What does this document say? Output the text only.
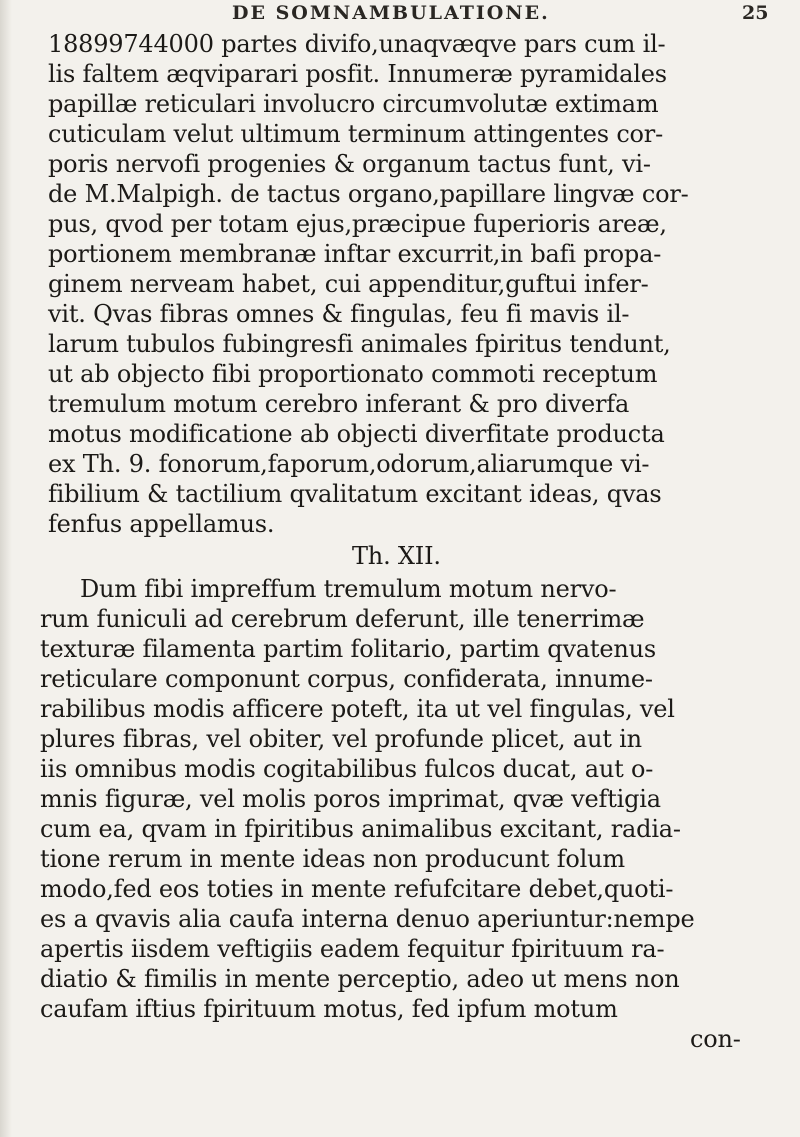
DE SOMNAMBULATIONE.	25
18899744000 partes divifo,unaqvæqve pars cum il-
lis faltem æqviparari posfit. Innumeræ pyramidales
papillæ reticulari involucro circumvolutæ extimam
cuticulam velut ultimum terminum attingentes cor-
poris nervofi progenies & organum tactus funt, vi-
de M.Malpigh. de tactus organo,papillare lingvæ cor-
pus, qvod per totam ejus,præcipue fuperioris areæ,
portionem membranæ inftar excurrit,in bafi propa-
ginem nerveam habet, cui appenditur,guftui infer-
vit. Qvas fibras omnes & fingulas, feu fi mavis il-
larum tubulos fubingresfi animales fpiritus tendunt,
ut ab objecto fibi proportionato commoti receptum
tremulum motum cerebro inferant & pro diverfa
motus modificatione ab objecti diverfitate producta
ex Th. 9. fonorum,faporum,odorum,aliarumque vi-
fibilium & tactilium qvalitatum excitant ideas, qvas
fenfus appellamus.
Th. XII.
Dum fibi impreffum tremulum motum nervo-
rum funiculi ad cerebrum deferunt, ille tenerrimæ
texturæ filamenta partim folitario, partim qvatenus
reticulare componunt corpus, confiderata, innume-
rabilibus modis afficere poteft, ita ut vel fingulas, vel
plures fibras, vel obiter, vel profunde plicet, aut in
iis omnibus modis cogitabilibus fulcos ducat, aut o-
mnis figuræ, vel molis poros imprimat, qvæ veftigia
cum ea, qvam in fpiritibus animalibus excitant, radia-
tione rerum in mente ideas non producunt folum
modo,fed eos toties in mente refufcitare debet,quoti-
es a qvavis alia caufa interna denuo aperiuntur:nempe
apertis iisdem veftigiis eadem fequitur fpirituum ra-
diatio & fimilis in mente perceptio, adeo ut mens non
caufam iftius fpirituum motus, fed ipfum motum
con-
